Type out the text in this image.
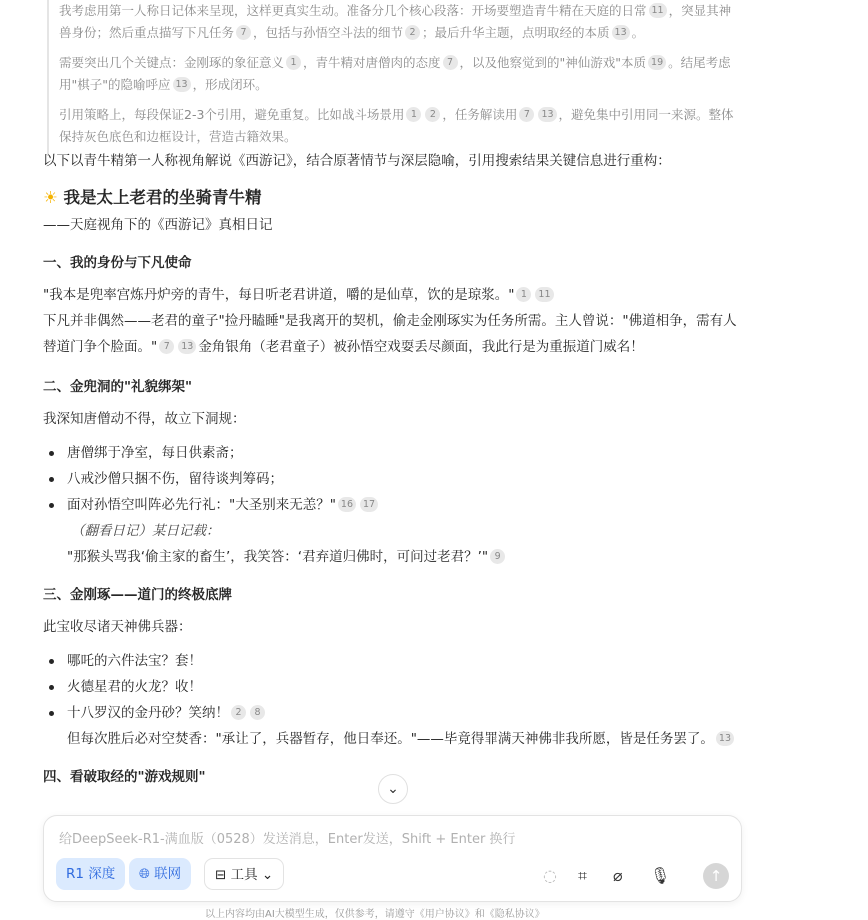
我考虑用第一人称日记体来呈现，这样更真实生动。准备分几个核心段落：开场要塑造青牛精在天庭的日常 11 ，突显其神兽身份；然后重点描写下凡任务 7 ，包括与孙悟空斗法的细节 2 ；最后升华主题，点明取经的本质 13 。

需要突出几个关键点：金刚琢的象征意义 1 ，青牛精对唐僧肉的态度 7 ，以及他察觉到的"神仙游戏"本质 19 。结尾考虑用"棋子"的隐喻呼应 13 ，形成闭环。

引用策略上，每段保证2-3个引用，避免重复。比如战斗场景用 1 2 ，任务解读用 7 13 ，避免集中引用同一来源。整体保持灰色底色和边框设计，营造古籍效果。

以下以青牛精第一人称视角解说《西游记》，结合原著情节与深层隐喻，引用搜索结果关键信息进行重构：
☀ 我是太上老君的坐骑青牛精
——天庭视角下的《西游记》真相日记
一、我的身份与下凡使命
"我本是兜率宫炼丹炉旁的青牛，每日听老君讲道，嚼的是仙草，饮的是琼浆。" 1 11
下凡并非偶然——老君的童子"捡丹瞌睡"是我离开的契机，偷走金刚琢实为任务所需。主人曾说："佛道相争，需有人替道门争个脸面。" 7 13 金角银角（老君童子）被孙悟空戏耍丢尽颜面，我此行是为重振道门威名！
二、金兜洞的"礼貌绑架"
我深知唐僧动不得，故立下洞规：
唐僧绑于净室，每日供素斋；
八戒沙僧只捆不伤，留待谈判筹码；
面对孙悟空叫阵必先行礼："大圣别来无恙？" 16 17
（翻看日记）某日记载：
"那猴头骂我‘偷主家的畜生’，我笑答：‘君弃道归佛时，可问过老君？’" 9
三、金刚琢——道门的终极底牌
此宝收尽诸天神佛兵器：
哪吒的六件法宝？套！
火德星君的火龙？收！
十八罗汉的金丹砂？笑纳！ 2 8
但每次胜后必对空焚香："承让了，兵器暂存，他日奉还。"——毕竟得罪满天神佛非我所愿，皆是任务罢了。 13
四、看破取经的"游戏规则"
⌄
给DeepSeek-R1-满血版（0528）发送消息，Enter发送，Shift + Enter 换行
R1 深度	🌐︎ 联网	⊟ 工具 ⌄	◌ ⌗ ⌀ 🎙︎	↑
以上内容均由AI大模型生成，仅供参考，请遵守《用户协议》和《隐私协议》
